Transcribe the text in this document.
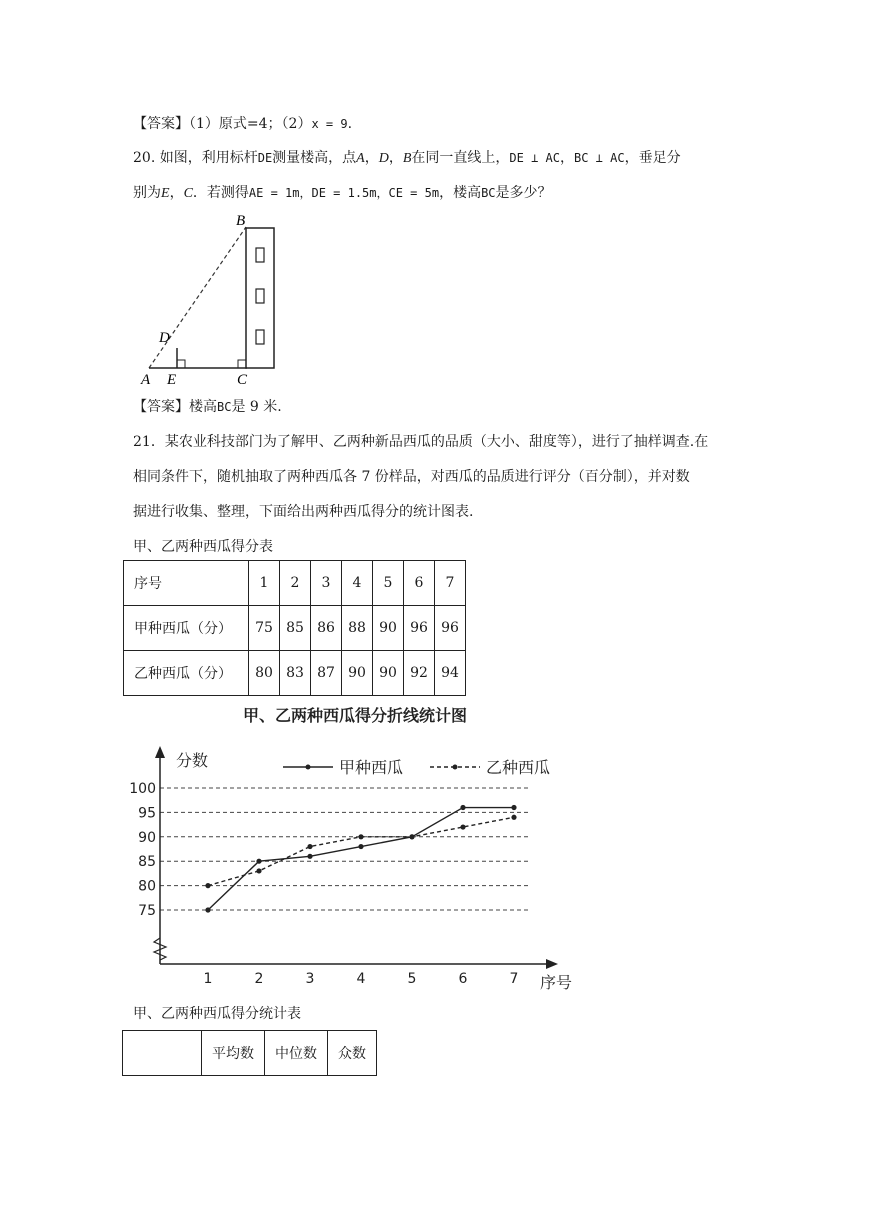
【答案】（1）原式=4；（2）x = 9.
20. 如图，利用标杆DE测量楼高，点A，D，B在同一直线上，DE ⊥ AC，BC ⊥ AC，垂足分
别为E，C．若测得AE = 1m，DE = 1.5m，CE = 5m，楼高BC是多少？
B
D
A E	C
【答案】楼高BC是 9 米.
21．某农业科技部门为了解甲、乙两种新品西瓜的品质（大小、甜度等），进行了抽样调查.在
相同条件下，随机抽取了两种西瓜各 7 份样品，对西瓜的品质进行评分（百分制），并对数
据进行收集、整理，下面给出两种西瓜得分的统计图表.
甲、乙两种西瓜得分表
序号	1	2	3	4	5	6	7
甲种西瓜（分）	75	85	86	88	90	96	96
乙种西瓜（分）	80	83	87	90	90	92	94
甲、乙两种西瓜得分折线统计图
甲种西瓜	乙种西瓜
75
80
85
90
95
100
分数
序号
1	2	3	4	5	6	7
甲、乙两种西瓜得分统计表
	平均数	中位数	众数
